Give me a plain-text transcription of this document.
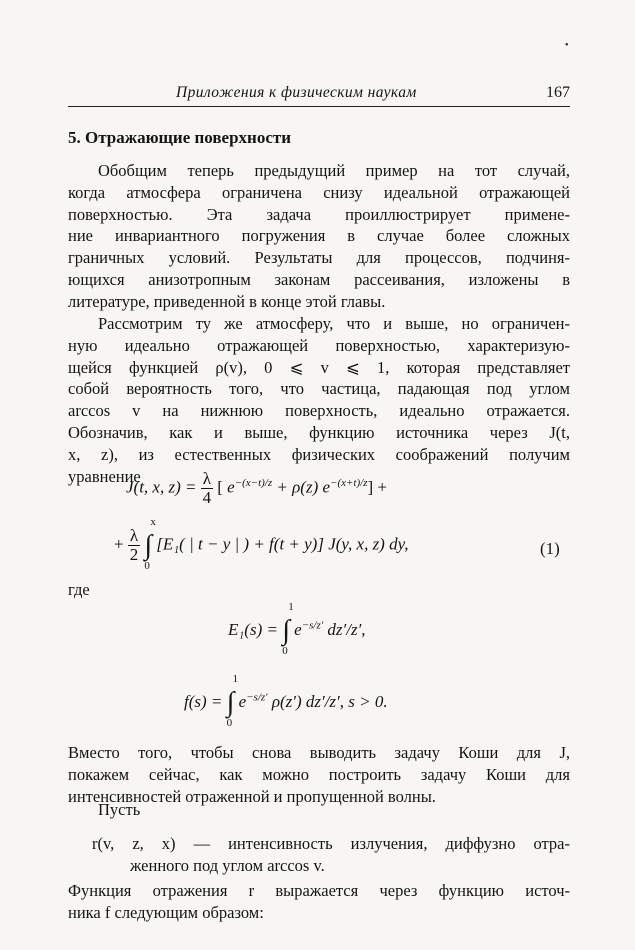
•
Приложения к физическим наукам	167
5. Отражающие поверхности
Обобщим теперь предыдущий пример на тот случай,
когда атмосфера ограничена снизу идеальной отражающей
поверхностью. Эта задача проиллюстрирует примене-
ние инвариантного погружения в случае более сложных
граничных условий. Результаты для процессов, подчиня-
ющихся анизотропным законам рассеивания, изложены в
литературе, приведенной в конце этой главы.
Рассмотрим ту же атмосферу, что и выше, но ограничен-
ную идеально отражающей поверхностью, характеризую-
щейся функцией ρ(v), 0 ⩽ v ⩽ 1, которая представляет
собой вероятность того, что частица, падающая под углом
arccos v на нижнюю поверхность, идеально отражается.
Обозначив, как и выше, функцию источника через J(t,
x, z), из естественных физических соображений получим
уравнение
J(t, x, $z) = \frac{\lambda}{4}$ [ $e^{-(x-t)/z} + \rho(z) e^{-(x+t)/z}$] +
+ $\frac{\lambda}{2}$ ∫
x
0
[E₁( | t − y | ) + f(t + y)] J(y, x, z) dy,	(1)
где
E₁(s) = ∫
1
0
$e^{-s/z'}$ dz′/z′,
f(s) = ∫
1
0
$e^{-s/z'}$ ρ(z′) dz′/z′, s > 0.
Вместо того, чтобы снова выводить задачу Коши для J,
покажем сейчас, как можно построить задачу Коши для
интенсивностей отраженной и пропущенной волны.
Пусть
r(v, z, x) — интенсивность излучения, диффузно отра-
женного под углом arccos v.
Функция отражения r выражается через функцию источ-
ника f следующим образом:
